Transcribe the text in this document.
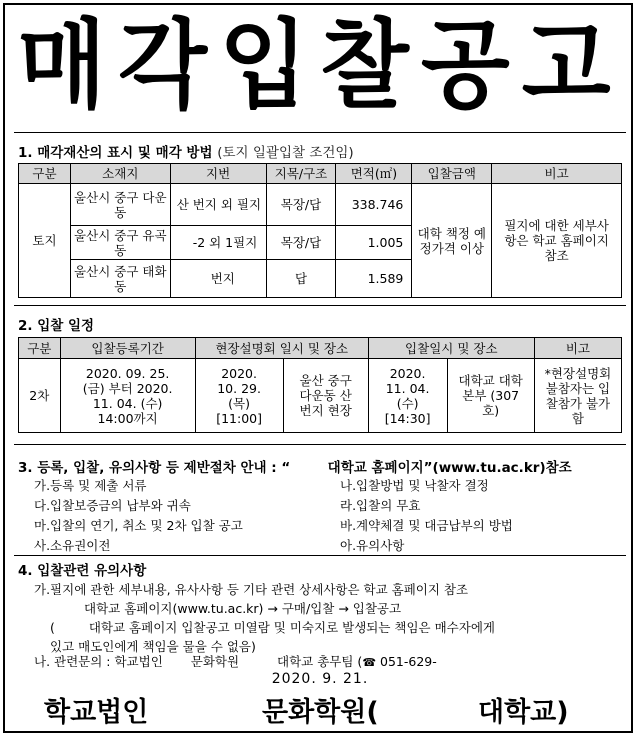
매각입찰공고
1. 매각재산의 표시 및 매각 방법 (토지 일괄입찰 조건임)
구분	소재지	지번	지목/구조	면적(㎡)	입찰금액	비고
토지	울산시 중구 다운동	산 번지 외 필지	목장/답	338.746	대학 책정 예정가격 이상	필지에 대한 세부사항은 학교 홈페이지 참조
	울산시 중구 유곡동	-2 외 1필지	목장/답	1.005		
	울산시 중구 태화동	번지	답	1.589		
2. 입찰 일정
구분	입찰등록기간	현장설명회 일시 및 장소		입찰일시 및 장소		비고
2차	2020. 09. 25. (금) 부터 2020. 11. 04. (수) 14:00까지	2020. 10. 29. (목) [11:00]	울산 중구 다운동 산 번지 현장	2020. 11. 04. (수) [14:30]	대학교 대학본부 (307호)	*현장설명회 불참자는 입찰참가 불가함
3. 등록, 입찰, 유의사항 등 제반절차 안내 : “	대학교 홈페이지”(www.tu.ac.kr)참조
가.등록 및 제출 서류
다.입찰보증금의 납부와 귀속
마.입찰의 연기, 취소 및 2차 입찰 공고
사.소유권이전
나.입찰방법 및 낙찰자 결정
라.입찰의 무효
바.계약체결 및 대금납부의 방법
아.유의사항
4. 입찰관련 유의사항
가.필지에 관한 세부내용, 유사사항 등 기타 관련 상세사항은 학교 홈페이지 참조
대학교 홈페이지(www.tu.ac.kr) → 구매/입찰 → 입찰공고
(	대학교 홈페이지 입찰공고 미열람 및 미숙지로 발생되는 책임은 매수자에게
있고 매도인에게 책임을 물을 수 없음)
나. 관련문의 : 학교법인 문화학원	대학교 총무팀 (☎ 051-629-
2020. 9. 21.
학교법인	문화학원(	대학교)
